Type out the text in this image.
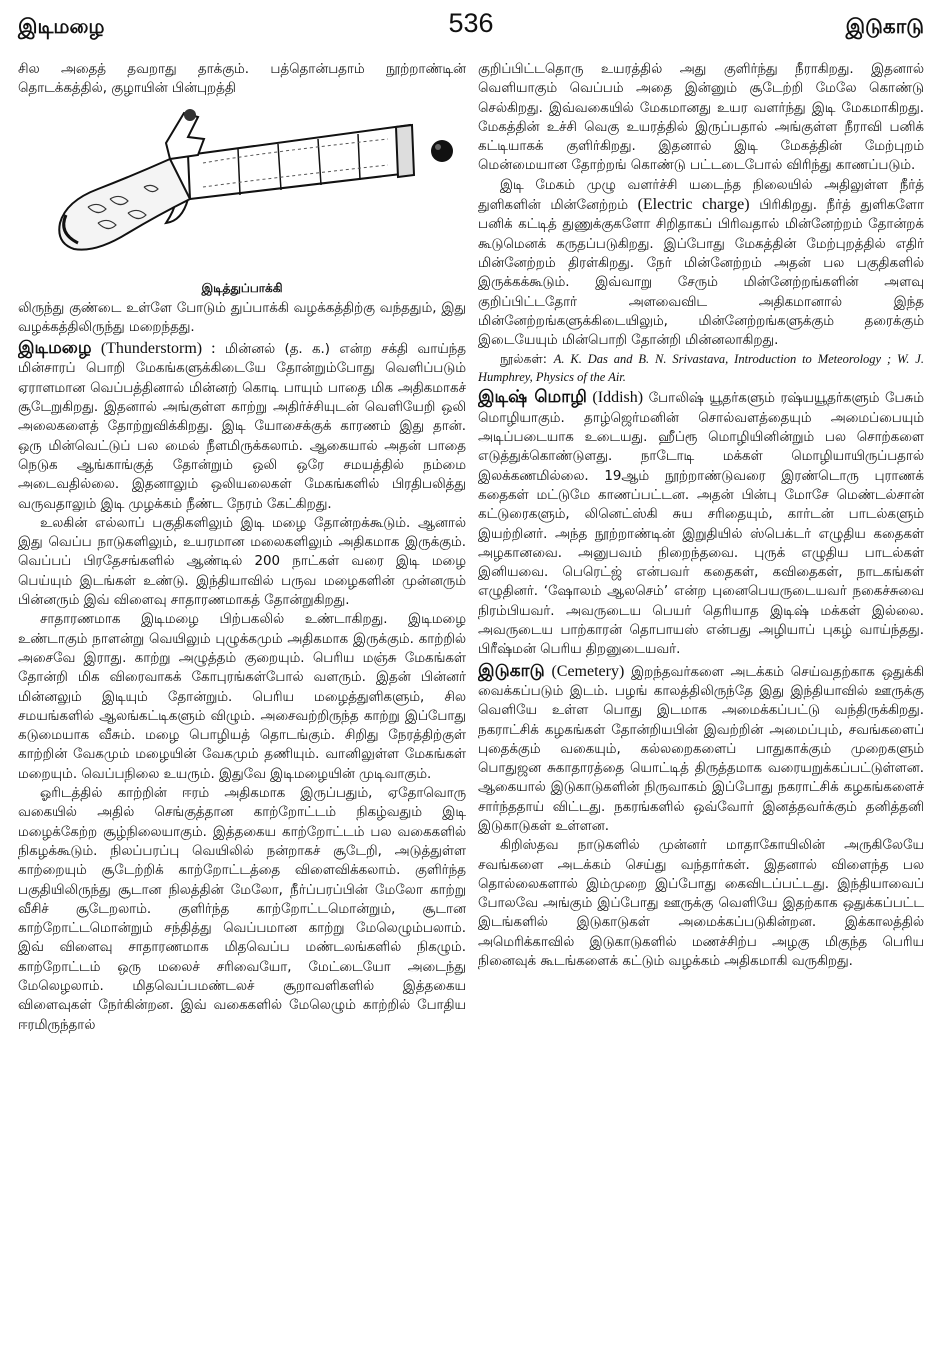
இடிமழை	536	இடுகாடு

சில அதைத் தவறாது தாக்கும். பத்தொன்பதாம் நூற்றாண்டின் தொடக்கத்தில், குழாயின் பின்புறத்தி

இடித்துப்பாக்கி

லிருந்து குண்டை உள்ளே போடும் துப்பாக்கி வழக்கத்திற்கு வந்ததும், இது வழக்கத்திலிருந்து மறைந்தது.

இடிமழை (Thunderstorm) : மின்னல் (த. க.) என்ற சக்தி வாய்ந்த மின்சாரப் பொறி மேகங்களுக்கிடையே தோன்றும்போது வெளிப்படும் ஏராளமான வெப்பத்தினால் மின்னற் கொடி பாயும் பாதை மிக அதிகமாகச் சூடேறுகிறது. இதனால் அங்குள்ள காற்று அதிர்ச்சியுடன் வெளியேறி ஒலி அலைகளைத் தோற்றுவிக்கிறது. இடி யோசைக்குக் காரணம் இது தான். ஒரு மின்வெட்டுப் பல மைல் நீளமிருக்கலாம். ஆகையால் அதன் பாதை நெடுக ஆங்காங்குத் தோன்றும் ஒலி ஒரே சமயத்தில் நம்மை அடைவதில்லை. இதனாலும் ஒலியலைகள் மேகங்களில் பிரதிபலித்து வருவதாலும் இடி முழக்கம் நீண்ட நேரம் கேட்கிறது.

உலகின் எல்லாப் பகுதிகளிலும் இடி மழை தோன்றக்கூடும். ஆனால் இது வெப்ப நாடுகளிலும், உயரமான மலைகளிலும் அதிகமாக இருக்கும். வெப்பப் பிரதேசங்களில் ஆண்டில் 200 நாட்கள் வரை இடி மழை பெய்யும் இடங்கள் உண்டு. இந்தியாவில் பருவ மழைகளின் முன்னரும் பின்னரும் இவ் விளைவு சாதாரணமாகத் தோன்றுகிறது.

சாதாரணமாக இடிமழை பிற்பகலில் உண்டாகிறது. இடிமழை உண்டாகும் நாளன்று வெயிலும் புழுக்கமும் அதிகமாக இருக்கும். காற்றில் அசைவே இராது. காற்று அழுத்தம் குறையும். பெரிய மஞ்சு மேகங்கள் தோன்றி மிக விரைவாகக் கோபுரங்கள்போல் வளரும். இதன் பின்னர் மின்னலும் இடியும் தோன்றும். பெரிய மழைத்துளிகளும், சில சமயங்களில் ஆலங்கட்டிகளும் விழும். அசைவற்றிருந்த காற்று இப்போது கடுமையாக வீசும். மழை பொழியத் தொடங்கும். சிறிது நேரத்திற்குள் காற்றின் வேகமும் மழையின் வேகமும் தணியும். வானிலுள்ள மேகங்கள் மறையும். வெப்பநிலை உயரும். இதுவே இடிமழையின் முடிவாகும்.

ஓரிடத்தில் காற்றின் ஈரம் அதிகமாக இருப்பதும், ஏதோவொரு வகையில் அதில் செங்குத்தான காற்றோட்டம் நிகழ்வதும் இடி மழைக்கேற்ற சூழ்நிலையாகும். இத்தகைய காற்றோட்டம் பல வகைகளில் நிகழக்கூடும். நிலப்பரப்பு வெயிலில் நன்றாகச் சூடேறி, அடுத்துள்ள காற்றையும் சூடேற்றிக் காற்றோட்டத்தை விளைவிக்கலாம். குளிர்ந்த பகுதியிலிருந்து சூடான நிலத்தின் மேலோ, நீர்ப்பரப்பின் மேலோ காற்று வீசிச் சூடேறலாம். குளிர்ந்த காற்றோட்டமொன்றும், சூடான காற்றோட்டமொன்றும் சந்தித்து வெப்பமான காற்று மேலெழும்பலாம். இவ் விளைவு சாதாரணமாக மிதவெப்ப மண்டலங்களில் நிகழும். காற்றோட்டம் ஒரு மலைச் சரிவையோ, மேட்டையோ அடைந்து மேலெழலாம். மிதவெப்பமண்டலச் சூறாவளிகளில் இத்தகைய விளைவுகள் நேர்கின்றன. இவ் வகைகளில் மேலெழும் காற்றில் போதிய ஈரமிருந்தால்

குறிப்பிட்டதொரு உயரத்தில் அது குளிர்ந்து நீராகிறது. இதனால் வெளியாகும் வெப்பம் அதை இன்னும் சூடேற்றி மேலே கொண்டு செல்கிறது. இவ்வகையில் மேகமானது உயர வளர்ந்து இடி மேகமாகிறது. மேகத்தின் உச்சி வெகு உயரத்தில் இருப்பதால் அங்குள்ள நீராவி பனிக் கட்டியாகக் குளிர்கிறது. இதனால் இடி மேகத்தின் மேற்புறம் மென்மையான தோற்றங் கொண்டு பட்டடைபோல் விரிந்து காணப்படும்.

இடி மேகம் முழு வளர்ச்சி யடைந்த நிலையில் அதிலுள்ள நீர்த் துளிகளின் மின்னேற்றம் (Electric charge) பிரிகிறது. நீர்த் துளிகளோ பனிக் கட்டித் துணுக்குகளோ சிறிதாகப் பிரிவதால் மின்னேற்றம் தோன்றக் கூடுமெனக் கருதப்படுகிறது. இப்போது மேகத்தின் மேற்புறத்தில் எதிர் மின்னேற்றம் திரள்கிறது. நேர் மின்னேற்றம் அதன் பல பகுதிகளில் இருக்கக்கூடும். இவ்வாறு சேரும் மின்னேற்றங்களின் அளவு குறிப்பிட்டதோர் அளவைவிட அதிகமானால் இந்த மின்னேற்றங்களுக்கிடையிலும், மின்னேற்றங்களுக்கும் தரைக்கும் இடையேயும் மின்பொறி தோன்றி மின்னலாகிறது.

நூல்கள்: A. K. Das and B. N. Srivastava, Introduction to Meteorology ; W. J. Humphrey, Physics of the Air.

இடிஷ் மொழி (Iddish) போலிஷ் யூதர்களும் ரஷ்யயூதர்களும் பேசும் மொழியாகும். தாழ்ஜெர்மனின் சொல்வளத்தையும் அமைப்பையும் அடிப்படையாக உடையது. ஹீப்ரூ மொழியினின்றும் பல சொற்களை எடுத்துக்கொண்டுளது. நாடோடி மக்கள் மொழியாயிருப்பதால் இலக்கணமில்லை. 19ஆம் நூற்றாண்டுவரை இரண்டொரு புராணக் கதைகள் மட்டுமே காணப்பட்டன. அதன் பின்பு மோசே மெண்டல்சான் கட்டுரைகளும், லினெட்ஸ்கி சுய சரிதையும், கார்டன் பாடல்களும் இயற்றினர். அந்த நூற்றாண்டின் இறுதியில் ஸ்பெக்டர் எழுதிய கதைகள் அழகானவை. அனுபவம் நிறைந்தவை. புருக் எழுதிய பாடல்கள் இனியவை. பெரெட்ஜ் என்பவர் கதைகள், கவிதைகள், நாடகங்கள் எழுதினர். ‘ஷோலம் ஆலசெம்’ என்ற புனைபெயருடையவர் நகைச்சுவை நிரம்பியவர். அவருடைய பெயர் தெரியாத இடிஷ் மக்கள் இல்லை. அவருடைய பாற்காரன் தொபாயஸ் என்பது அழியாப் புகழ் வாய்ந்தது. பிரீஷ்மன் பெரிய திறனுடையவர்.

இடுகாடு (Cemetery) இறந்தவர்களை அடக்கம் செய்வதற்காக ஒதுக்கி வைக்கப்படும் இடம். பழங் காலத்திலிருந்தே இது இந்தியாவில் ஊருக்கு வெளியே உள்ள பொது இடமாக அமைக்கப்பட்டு வந்திருக்கிறது. நகராட்சிக் கழகங்கள் தோன்றியபின் இவற்றின் அமைப்பும், சவங்களைப் புதைக்கும் வகையும், கல்லறைகளைப் பாதுகாக்கும் முறைகளும் பொதுஜன சுகாதாரத்தை யொட்டித் திருத்தமாக வரையறுக்கப்பட்டுள்ளன. ஆகையால் இடுகாடுகளின் நிருவாகம் இப்போது நகராட்சிக் கழகங்களைச் சார்ந்ததாய் விட்டது. நகரங்களில் ஒவ்வோர் இனத்தவர்க்கும் தனித்தனி இடுகாடுகள் உள்ளன.

கிறிஸ்தவ நாடுகளில் முன்னர் மாதாகோயிலின் அருகிலேயே சவங்களை அடக்கம் செய்து வந்தார்கள். இதனால் விளைந்த பல தொல்லைகளால் இம்முறை இப்போது கைவிடப்பட்டது. இந்தியாவைப் போலவே அங்கும் இப்போது ஊருக்கு வெளியே இதற்காக ஒதுக்கப்பட்ட இடங்களில் இடுகாடுகள் அமைக்கப்படுகின்றன. இக்காலத்தில் அமெரிக்காவில் இடுகாடுகளில் மணச்சிற்ப அழகு மிகுந்த பெரிய நினைவுக் கூடங்களைக் கட்டும் வழக்கம் அதிகமாகி வருகிறது.
